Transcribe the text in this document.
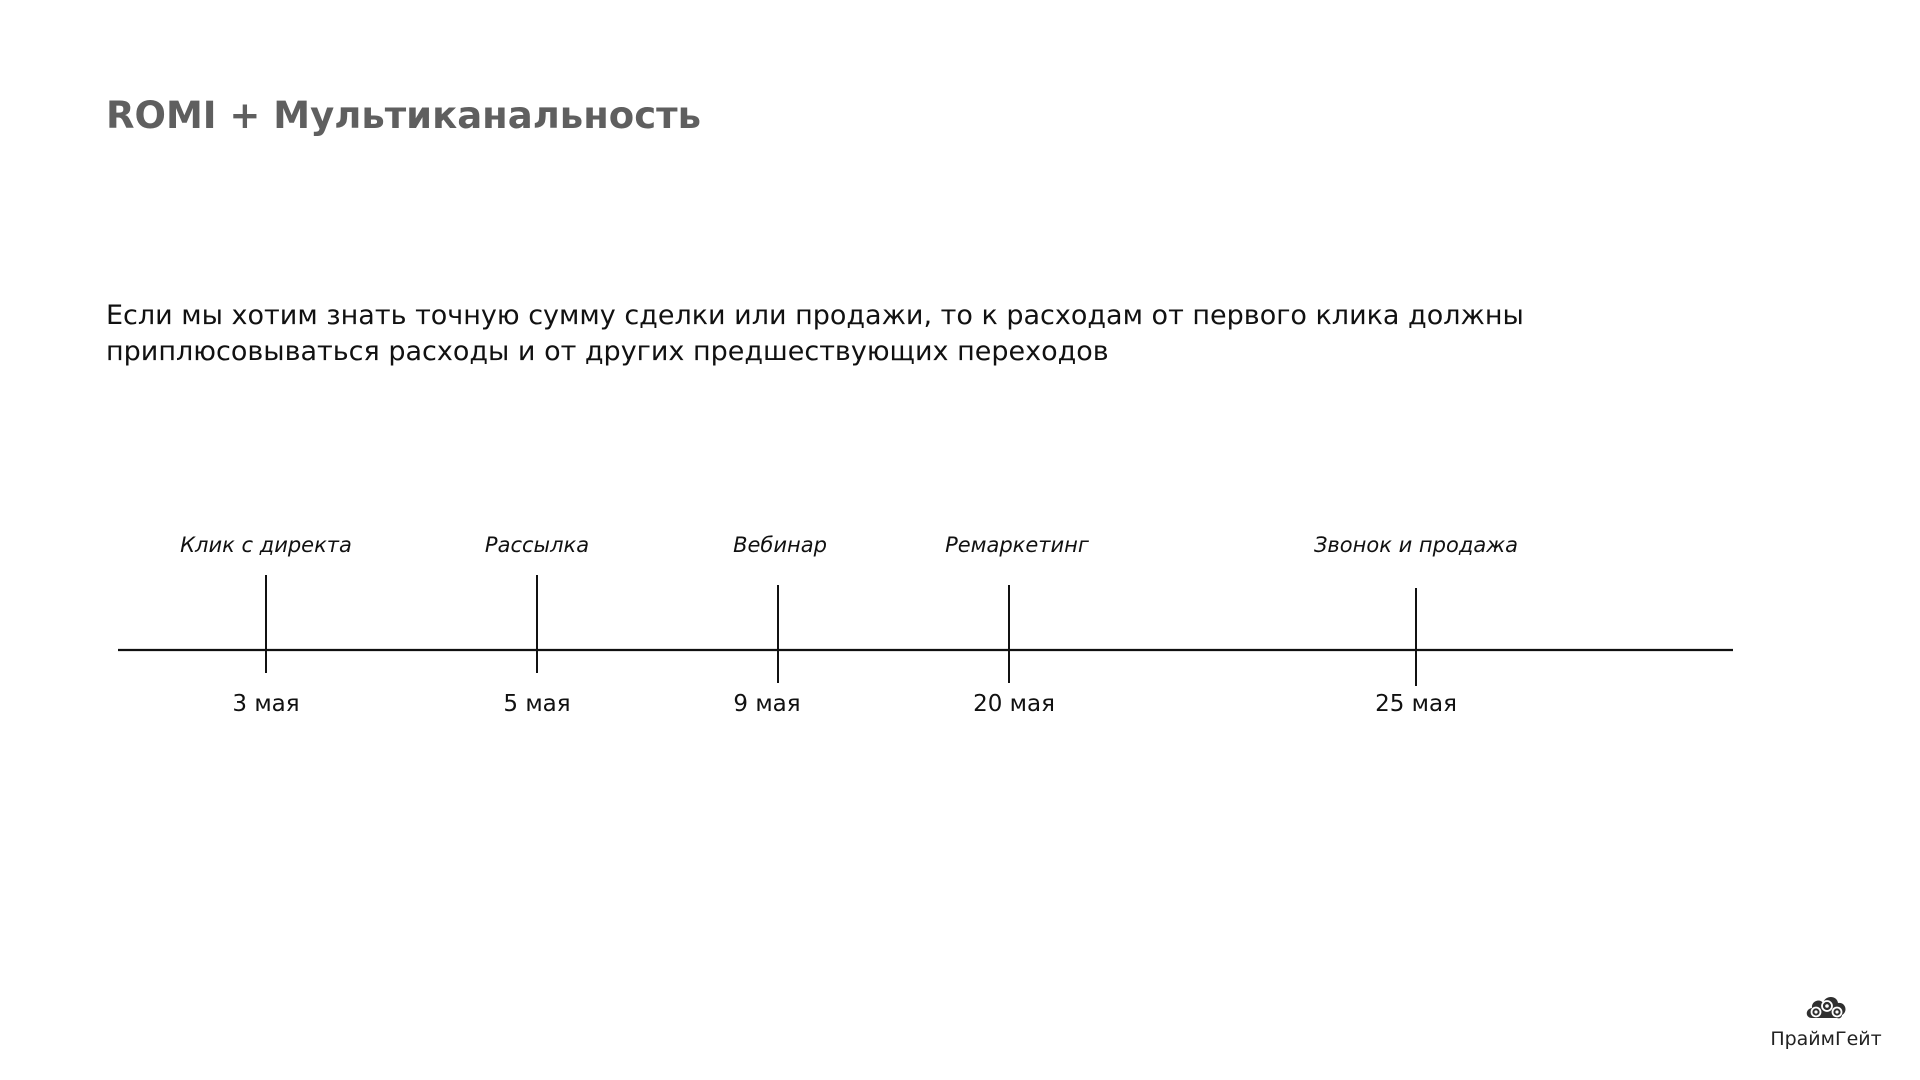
ROMI + Мультиканальность

Если мы хотим знать точную сумму сделки или продажи, то к расходам от первого клика должны
приплюсовываться расходы и от других предшествующих переходов

Клик с директа
3 мая
Рассылка
5 мая
Вебинар
9 мая
Ремаркетинг
20 мая
Звонок и продажа
25 мая
ПраймГейт
